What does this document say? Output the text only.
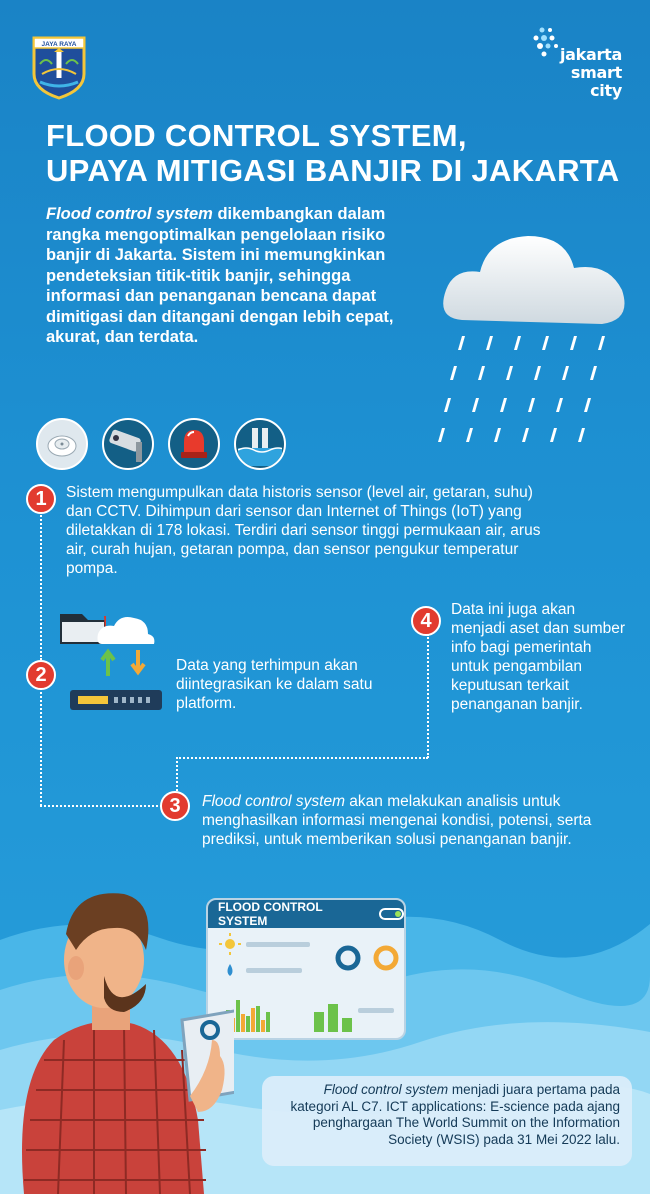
JAYA RAYA
jakarta
smart
city
FLOOD CONTROL SYSTEM,
UPAYA MITIGASI BANJIR DI JAKARTA
Flood control system dikembangkan dalam rangka mengoptimalkan pengelolaan risiko banjir di Jakarta. Sistem ini memungkinkan pendeteksian titik-titik banjir, sehingga informasi dan penanganan bencana dapat dimitigasi dan ditangani dengan lebih cepat, akurat, dan terdata.
1	Sistem mengumpulkan data historis sensor (level air, getaran, suhu) dan CCTV. Dihimpun dari sensor dan Internet of Things (IoT) yang diletakkan di 178 lokasi. Terdiri dari sensor tinggi permukaan air, arus air, curah hujan, getaran pompa, dan sensor pengukur temperatur pompa.
2	Data yang terhimpun akan diintegrasikan ke dalam satu platform.
4	Data ini juga akan menjadi aset dan sumber info bagi pemerintah untuk pengambilan keputusan terkait penanganan banjir.
3	Flood control system akan melakukan analisis untuk menghasilkan informasi mengenai kondisi, potensi, serta prediksi, untuk memberikan solusi penanganan banjir.
FLOOD CONTROL SYSTEM
Flood control system menjadi juara pertama pada kategori AL C7. ICT applications: E-science pada ajang penghargaan The World Summit on the Information Society (WSIS) pada 31 Mei 2022 lalu.
